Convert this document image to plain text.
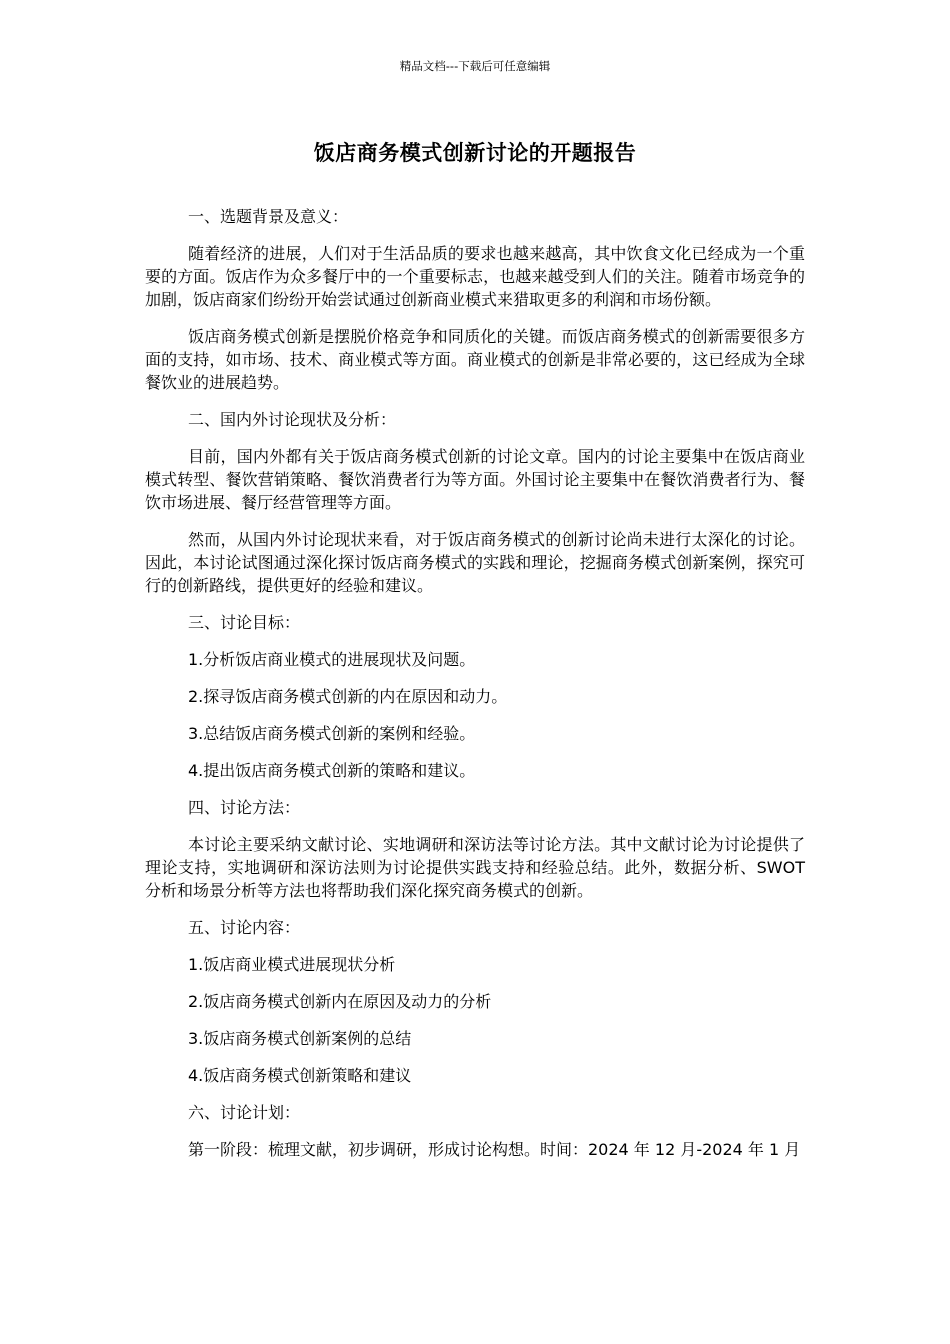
精品文档---下载后可任意编辑
饭店商务模式创新讨论的开题报告

一、选题背景及意义：

随着经济的进展，人们对于生活品质的要求也越来越高，其中饮食文化已经成为一个重要的方面。饭店作为众多餐厅中的一个重要标志，也越来越受到人们的关注。随着市场竞争的加剧，饭店商家们纷纷开始尝试通过创新商业模式来猎取更多的利润和市场份额。

饭店商务模式创新是摆脱价格竞争和同质化的关键。而饭店商务模式的创新需要很多方面的支持，如市场、技术、商业模式等方面。商业模式的创新是非常必要的，这已经成为全球餐饮业的进展趋势。

二、国内外讨论现状及分析：

目前，国内外都有关于饭店商务模式创新的讨论文章。国内的讨论主要集中在饭店商业模式转型、餐饮营销策略、餐饮消费者行为等方面。外国讨论主要集中在餐饮消费者行为、餐饮市场进展、餐厅经营管理等方面。

然而，从国内外讨论现状来看，对于饭店商务模式的创新讨论尚未进行太深化的讨论。因此，本讨论试图通过深化探讨饭店商务模式的实践和理论，挖掘商务模式创新案例，探究可行的创新路线，提供更好的经验和建议。

三、讨论目标：

1.分析饭店商业模式的进展现状及问题。

2.探寻饭店商务模式创新的内在原因和动力。

3.总结饭店商务模式创新的案例和经验。

4.提出饭店商务模式创新的策略和建议。

四、讨论方法：

本讨论主要采纳文献讨论、实地调研和深访法等讨论方法。其中文献讨论为讨论提供了理论支持，实地调研和深访法则为讨论提供实践支持和经验总结。此外，数据分析、SWOT 分析和场景分析等方法也将帮助我们深化探究商务模式的创新。

五、讨论内容：

1.饭店商业模式进展现状分析

2.饭店商务模式创新内在原因及动力的分析

3.饭店商务模式创新案例的总结

4.饭店商务模式创新策略和建议

六、讨论计划：

第一阶段：梳理文献，初步调研，形成讨论构想。时间：2024 年 12 月-2024 年 1 月
